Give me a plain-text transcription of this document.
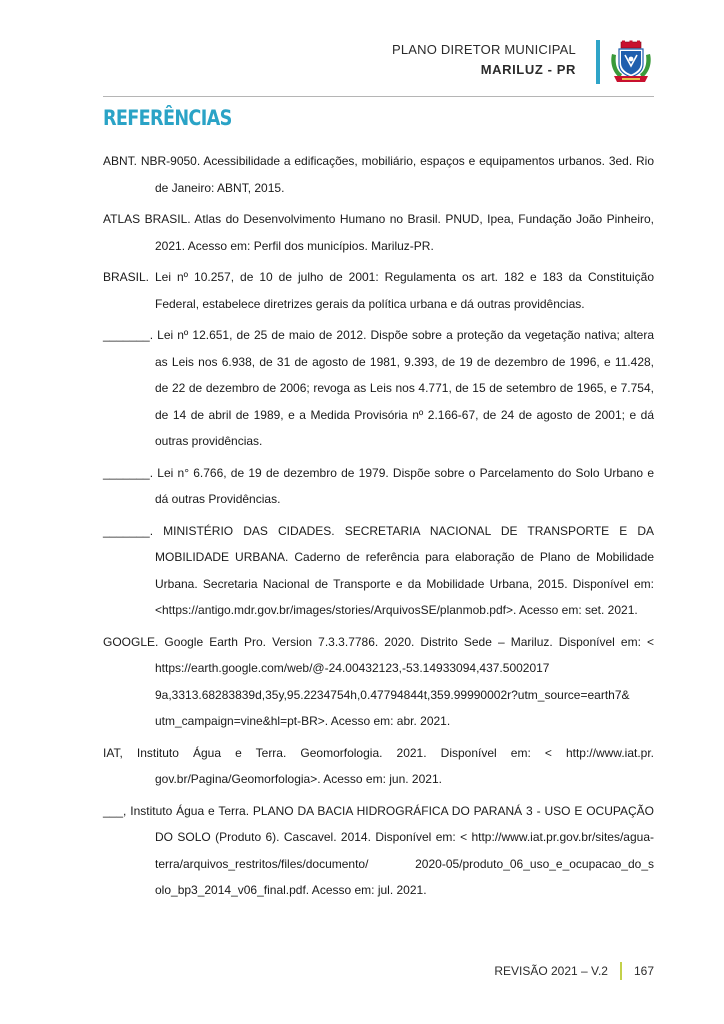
PLANO DIRETOR MUNICIPAL
MARILUZ - PR
REFERÊNCIAS

ABNT. NBR-9050. Acessibilidade a edificações, mobiliário, espaços e equipamentos urbanos. 3ed. Rio de Janeiro: ABNT, 2015.

ATLAS BRASIL. Atlas do Desenvolvimento Humano no Brasil. PNUD, Ipea, Fundação João Pinheiro, 2021. Acesso em: Perfil dos municípios. Mariluz-PR.

BRASIL. Lei nº 10.257, de 10 de julho de 2001: Regulamenta os art. 182 e 183 da Constituição Federal, estabelece diretrizes gerais da política urbana e dá outras providências.

_______. Lei nº 12.651, de 25 de maio de 2012. Dispõe sobre a proteção da vegetação nativa; altera as Leis nos 6.938, de 31 de agosto de 1981, 9.393, de 19 de dezembro de 1996, e 11.428, de 22 de dezembro de 2006; revoga as Leis nos 4.771, de 15 de setembro de 1965, e 7.754, de 14 de abril de 1989, e a Medida Provisória nº 2.166-67, de 24 de agosto de 2001; e dá outras providências.

_______. Lei n° 6.766, de 19 de dezembro de 1979. Dispõe sobre o Parcelamento do Solo Urbano e dá outras Providências.

_______. MINISTÉRIO DAS CIDADES. SECRETARIA NACIONAL DE TRANSPORTE E DA MOBILIDADE URBANA. Caderno de referência para elaboração de Plano de Mobilidade Urbana. Secretaria Nacional de Transporte e da Mobilidade Urbana, 2015. Disponível em: <https://antigo.mdr.gov.br/images/stories/ArquivosSE/planmob.pdf>. Acesso em: set. 2021.

GOOGLE. Google Earth Pro. Version 7.3.3.7786. 2020. Distrito Sede – Mariluz. Disponível em: < https://earth.google.com/web/@-24.00432123,-53.14933094,437.5002017 9a,3313.68283839d,35y,95.2234754h,0.47794844t,359.99990002r?utm_source=earth7& utm_campaign=vine&hl=pt-BR>. Acesso em: abr. 2021.

IAT, Instituto Água e Terra. Geomorfologia. 2021. Disponível em: < http://www.iat.pr. gov.br/Pagina/Geomorfologia>. Acesso em: jun. 2021.

___, Instituto Água e Terra. PLANO DA BACIA HIDROGRÁFICA DO PARANÁ 3 - USO E OCUPAÇÃO DO SOLO (Produto 6). Cascavel. 2014. Disponível em: < http://www.iat.pr.gov.br/sites/agua-terra/arquivos_restritos/files/documento/ 2020-05/produto_06_uso_e_ocupacao_do_s olo_bp3_2014_v06_final.pdf. Acesso em: jul. 2021.

REVISÃO 2021 – V.2 167
